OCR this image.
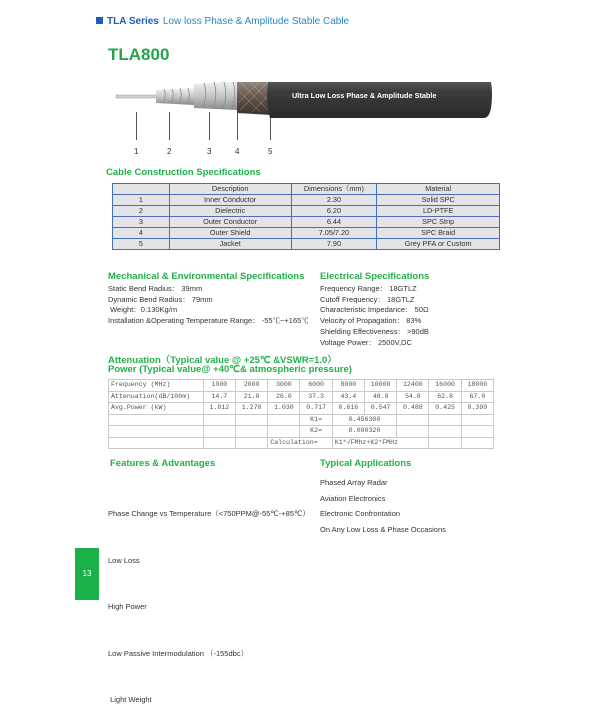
TLA Series Low loss Phase & Amplitude Stable Cable
TLA800
Ultra Low Loss Phase & Amplitude Stable
1	2	3	4	5
Cable Construction Specifications
	Description	Dimensions（mm)	Material
1	Inner Conductor	2.30	Solid SPC
2	Dielectric	6.20	LD-PTFE
3	Outer Conductor	6.44	SPC Strip
4	Outer Shield	7.05/7.20	SPC Braid
5	Jacket	7.90	Grey PFA or Custom
Mechanical & Environmental Specifications
Static Bend Radius： 39mm
Dynamic Bend Radius： 79mm
Weight：0.130Kg/m
Installation &Operating Temperature Range： -55℃~+165℃
Electrical Specifications
Frequency Range： 18GTLZ
Cutoff Frequency： 18GTLZ
Characteristic Impedance： 50Ω
Velocity of Propagation： 83%
Shielding Effectiveness： >90dB
Voltage Power： 2500V,DC
Attenuation（Typical value @ +25℃ &VSWR=1.0）
Power (Typical value@ +40℃& atmospheric pressure)
Frequency (MHz)	1000	2000	3000	6000	8000	10000	12400	16000	18000
Attenuation(dB/100m)	14.7	21.0	26.0	37.3	43.4	48.8	54.8	62.8	67.0
Avg.Power (kW)	1.812	1.270	1.030	0.717	0.616	0.547	0.488	0.425	0.399
				K1=	0.456300				
				K2=	0.000320				
			Calculation=		K1*√FMhz+K2*FMHz				
Features & Advantages

Phase Change vs Temperature（<750PPM@-55℃-+85℃）

Low Loss

High Power

Low Passive Intermodulation （-155dbc）

Light Weight

Typical Applications
Phased Array Radar
Aviation Electronics
Electronic Confrontation
On Any Low Loss & Phase Occasions
13
